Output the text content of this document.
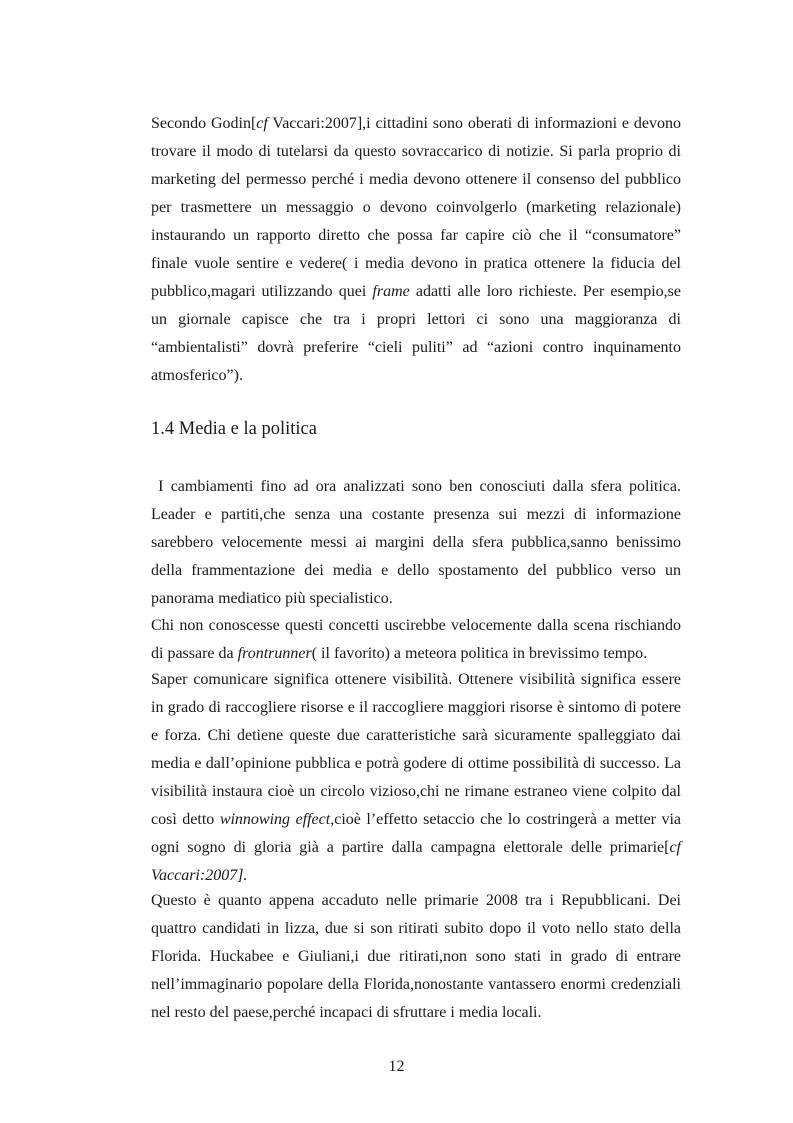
Secondo Godin[cf Vaccari:2007],i cittadini sono oberati di informazioni e devono
trovare il modo di tutelarsi da questo sovraccarico di notizie. Si parla proprio di
marketing del permesso perché i media devono ottenere il consenso del pubblico
per trasmettere un messaggio o devono coinvolgerlo (marketing relazionale)
instaurando un rapporto diretto che possa far capire ciò che il “consumatore”
finale vuole sentire e vedere( i media devono in pratica ottenere la fiducia del
pubblico,magari utilizzando quei frame adatti alle loro richieste. Per esempio,se
un giornale capisce che tra i propri lettori ci sono una maggioranza di
“ambientalisti” dovrà preferire “cieli puliti” ad “azioni contro inquinamento
atmosferico”).
1.4 Media e la politica
I cambiamenti fino ad ora analizzati sono ben conosciuti dalla sfera politica.
Leader e partiti,che senza una costante presenza sui mezzi di informazione
sarebbero velocemente messi ai margini della sfera pubblica,sanno benissimo
della frammentazione dei media e dello spostamento del pubblico verso un
panorama mediatico più specialistico.
Chi non conoscesse questi concetti uscirebbe velocemente dalla scena rischiando
di passare da frontrunner( il favorito) a meteora politica in brevissimo tempo.
Saper comunicare significa ottenere visibilità. Ottenere visibilità significa essere
in grado di raccogliere risorse e il raccogliere maggiori risorse è sintomo di potere
e forza. Chi detiene queste due caratteristiche sarà sicuramente spalleggiato dai
media e dall’opinione pubblica e potrà godere di ottime possibilità di successo. La
visibilità instaura cioè un circolo vizioso,chi ne rimane estraneo viene colpito dal
così detto winnowing effect,cioè l’effetto setaccio che lo costringerà a metter via
ogni sogno di gloria già a partire dalla campagna elettorale delle primarie[cf
Vaccari:2007].
Questo è quanto appena accaduto nelle primarie 2008 tra i Repubblicani. Dei
quattro candidati in lizza, due si son ritirati subito dopo il voto nello stato della
Florida. Huckabee e Giuliani,i due ritirati,non sono stati in grado di entrare
nell’immaginario popolare della Florida,nonostante vantassero enormi credenziali
nel resto del paese,perché incapaci di sfruttare i media locali.
12
